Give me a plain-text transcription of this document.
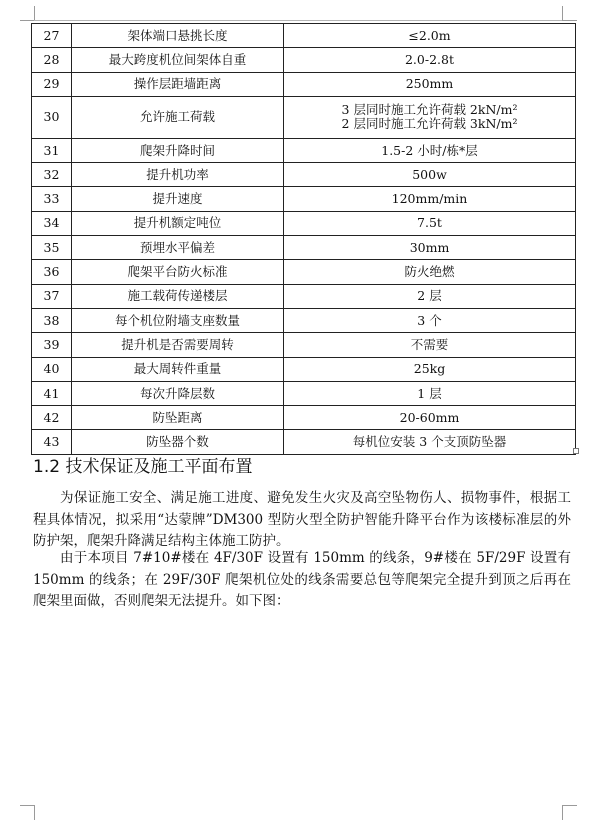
27	架体端口悬挑长度	≤2.0m

28	最大跨度机位间架体自重	2.0-2.8t

29	操作层距墙距离	250mm

30	允许施工荷载	3 层同时施工允许荷载 2kN/m²
2 层同时施工允许荷载 3kN/m²

31	爬架升降时间	1.5-2 小时/栋*层

32	提升机功率	500w

33	提升速度	120mm/min

34	提升机额定吨位	7.5t

35	预埋水平偏差	30mm

36	爬架平台防火标准	防火绝燃

37	施工载荷传递楼层	2 层

38	每个机位附墙支座数量	3 个

39	提升机是否需要周转	不需要

40	最大周转件重量	25kg

41	每次升降层数	1 层

42	防坠距离	20-60mm

43	防坠器个数	每机位安装 3 个支顶防坠器
1.2 技术保证及施工平面布置

为保证施工安全、满足施工进度、避免发生火灾及高空坠物伤人、损物事件，根据工程具体情况，拟采用“达蒙牌”DM300 型防火型全防护智能升降平台作为该楼标准层的外防护架，爬架升降满足结构主体施工防护。

由于本项目 7#10#楼在 4F/30F 设置有 150mm 的线条，9#楼在 5F/29F 设置有 150mm 的线条；在 29F/30F 爬架机位处的线条需要总包等爬架完全提升到顶之后再在爬架里面做，否则爬架无法提升。如下图：
